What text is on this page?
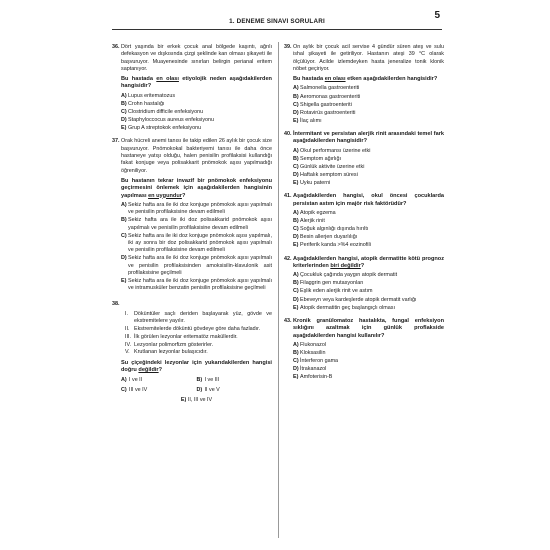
1. DENEME SINAVI SORULARI
5
36. Dört yaşında bir erkek çocuk anal bölgede kaşıntı, ağrılı defekasyon ve dışkısında çizgi şeklinde kan olması şikayeti ile başvuruyor. Muayenesinde sınırları belirgin perianal eritem saptanıyor.
Bu hastada en olası etiyolojik neden aşağıdakilerden hangisidir?
A) Lupus eritematozus
B) Crohn hastalığı
C) Clostridium difficile enfeksiyonu
D) Staphyloccocus aureus enfeksiyonu
E) Grup A streptokok enfeksiyonu
37. Orak hücreli anemi tanısı ile takip edilen 26 aylık bir çocuk size başvuruyor. Pnömokokal bakteriyemi tanısı ile daha önce hastaneye yatışı olduğu, halen penisilin profilaksisi kullandığı fakat konjuge veya polisakkarit pnömokok aşısı yapılmadığı öğreniliyor.
Bu hastanın tekrar invazif bir pnömokok enfeksiyonu geçirmesini önlemek için aşağıdakilerden hangisinin yapılması en uygundur?
A) Sekiz hafta ara ile iki doz konjuge pnömokok aşısı yapılmalı ve penisilin profilaksisine devam edilmeli
B) Sekiz hafta ara ile iki doz polisakkarid pnömokok aşısı yapılmalı ve penisilin profilaksisine devam edilmeli
C) Sekiz hafta ara ile iki doz konjuge pnömokok aşısı yapılmalı, iki ay sonra bir doz polisakkarid pnömokok aşısı yapılmalı ve penisilin profilaksisine devam edilmeli
D) Sekiz hafta ara ile iki doz konjuge pnömokok aşısı yapılmalı ve penisilin profilaksisinden amoksisilin-klavulonik asit profilaksisine geçilmeli
E) Sekiz hafta ara ile iki doz konjuge pnömokok aşısı yapılmalı ve intramusküler benzatin penisilin profilaksisine geçilmeli
38.
I.	Döküntüler saçlı deriden başlayarak yüz, gövde ve ekstremitelere yayılır.
II. Ekstremitelerde döküntü gövdeye göre daha fazladır.
III. İlk görülen lezyonlar eritematöz maküllerdir.
IV. Lezyonlar polimorfizm gösterirler.
V. Krutlanan lezyonlar bulaşıcıdır.
Su çiçeğindeki lezyonlar için yukarıdakilerden hangisi doğru değildir?
A) I ve II	B) I ve III
C) III ve IV	D) II ve V
E) II, III ve IV
39. On aylık bir çocuk acil servise 4 gündür süren ateş ve sulu ishal şikayeti ile getiriliyor. Hastanın ateşi 39 °C olarak ölçülüyor. Acilde izlemdeyken hasta jeneralize tonik klonik nöbet geçiriyor.
Bu hastada en olası etken aşağıdakilerden hangisidir?
A) Salmonella gastroenteriti
B) Aeromonas gastroenteriti
C) Shigella gastroenteriti
D) Rotavirüs gastroenteriti
E) İlaç alımı
40. İntermitant ve persistan alerjik rinit arasındaki temel fark aşağıdakilerden hangisidir?
A) Okul performansı üzerine etki
B) Semptom ağırlığı
C) Günlük aktivite üzerine etki
D) Haftalık semptom süresi
E) Uyku paterni
41. Aşağıdakilerden hangisi, okul öncesi çocuklarda persistan astım için majör risk faktörüdür?
A) Atopik egzema
B) Alerjik rinit
C) Soğuk algınlığı dışında hırıltı
D) Besin allerjen duyarlılığı
E) Periferik kanda >%4 eozinofili
42. Aşağıdakilerden hangisi, atopik dermatitte kötü prognoz kriterlerinden biri değildir?
A) Çocukluk çağında yaygın atopik dermatit
B) Filaggrin gen mutasyonları
C) Eşlik eden alerjik rinit ve astım
D) Ebeveyn veya kardeşlerde atopik dermatit varlığı
E) Atopik dermatitin geç başlangıçlı olması
43. Kronik granülomatoz hastalıkta, fungal enfeksiyon sıklığını azaltmak için günlük proflakside aşağıdakilerden hangisi kullanılır?
A) Flukonazol
B) Kloksasilin
C) İnterferon gama
D) İtrakanazol
E) Amfoterisin-B
